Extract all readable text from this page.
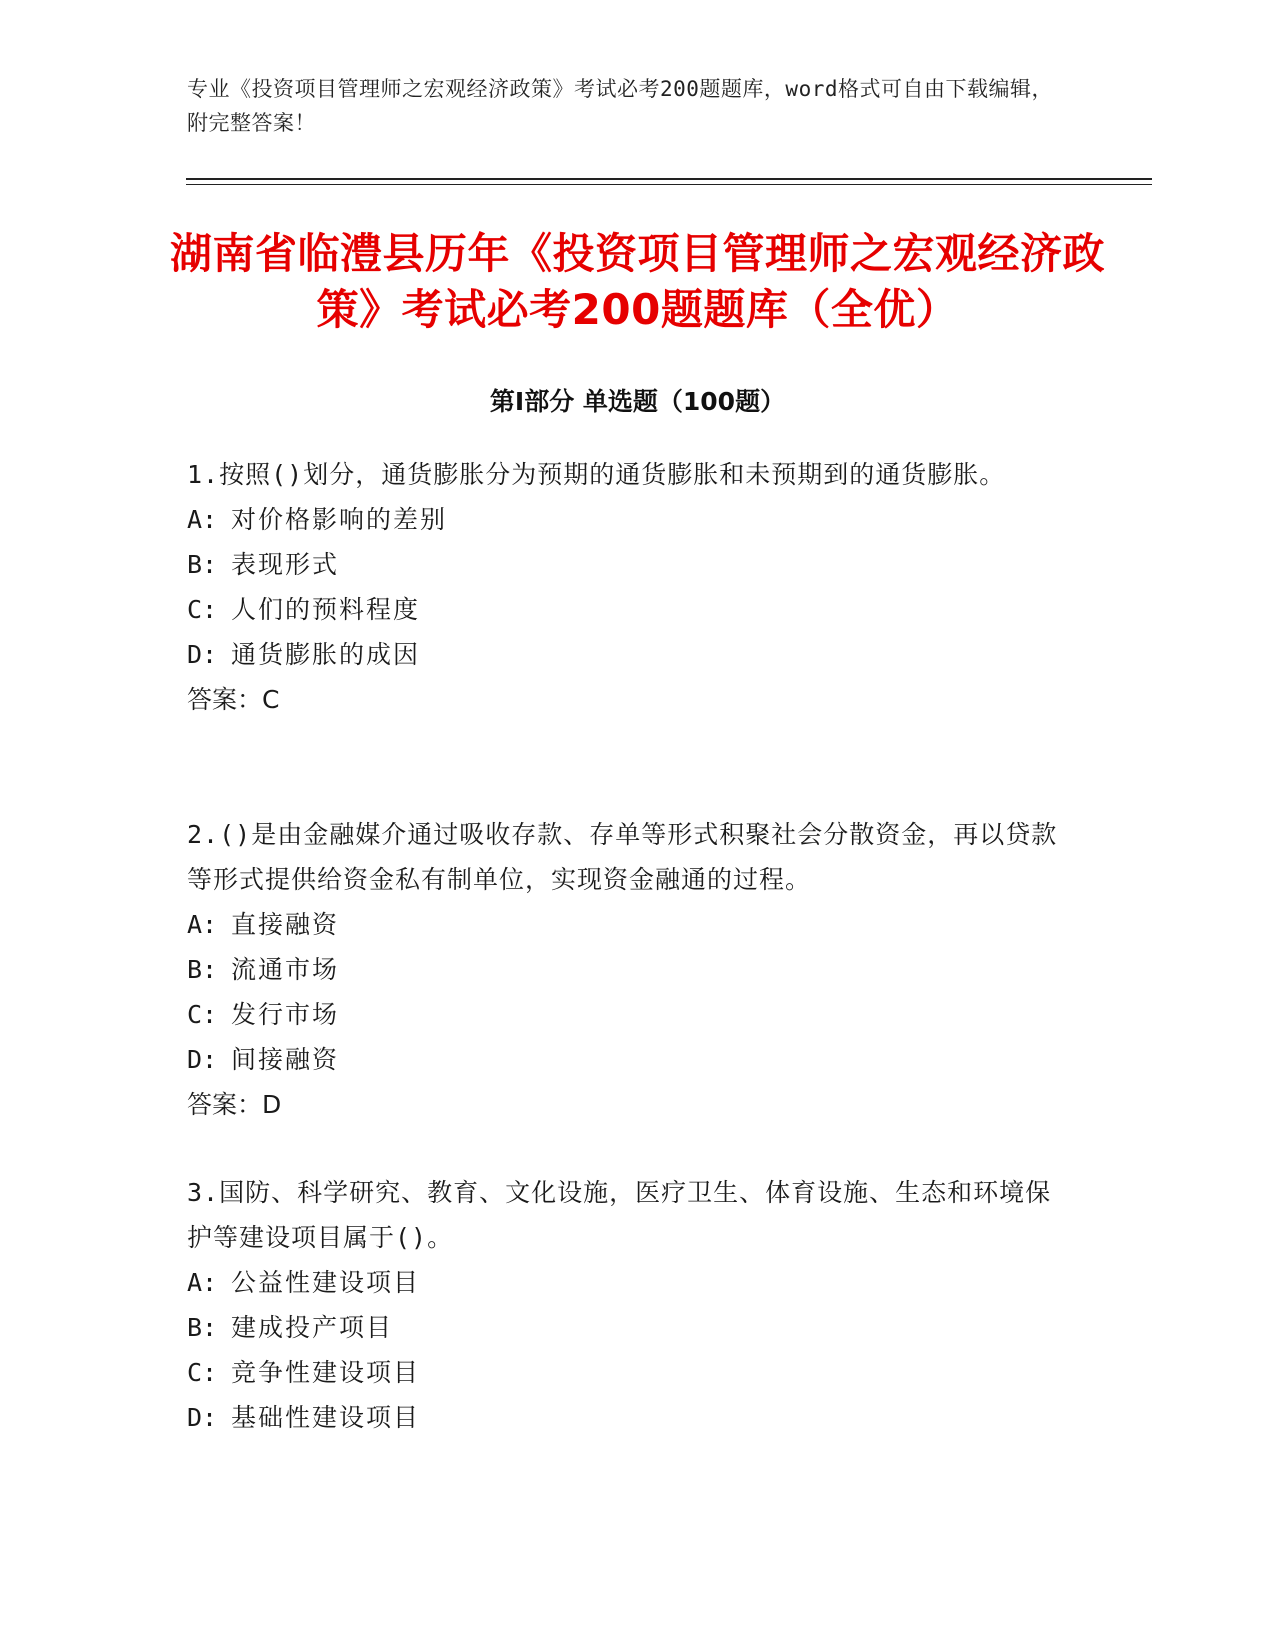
专业《投资项目管理师之宏观经济政策》考试必考200题题库，word格式可自由下载编辑，附完整答案！
湖南省临澧县历年《投资项目管理师之宏观经济政策》考试必考200题题库（全优）
第Ⅰ部分 单选题（100题）

1.按照()划分，通货膨胀分为预期的通货膨胀和未预期到的通货膨胀。

A: 对价格影响的差别

B: 表现形式

C: 人们的预料程度

D: 通货膨胀的成因

答案：C

2.()是由金融媒介通过吸收存款、存单等形式积聚社会分散资金，再以贷款等形式提供给资金私有制单位，实现资金融通的过程。

A: 直接融资

B: 流通市场

C: 发行市场

D: 间接融资

答案：D

3.国防、科学研究、教育、文化设施，医疗卫生、体育设施、生态和环境保护等建设项目属于()。

A: 公益性建设项目

B: 建成投产项目

C: 竞争性建设项目

D: 基础性建设项目
